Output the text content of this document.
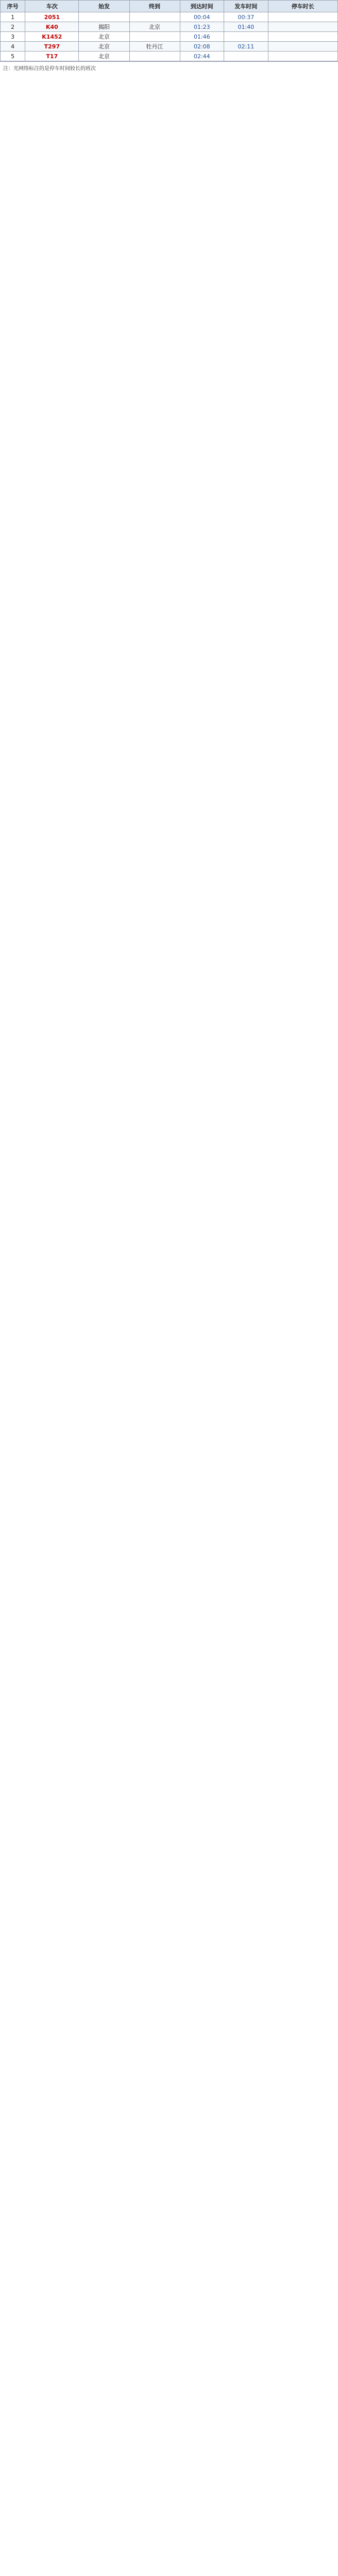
序号	车次	始发	终到	到达时间	发车时间	停车时长
1	2051			00:04	00:37	
2	K40	揭阳	北京	01:23	01:40	
3	K1452	北京		01:46		
4	T297	北京	牡丹江	02:08	02:11	
5	T17	北京		02:44		
注：光网络标注的是停车时间较长的班次
